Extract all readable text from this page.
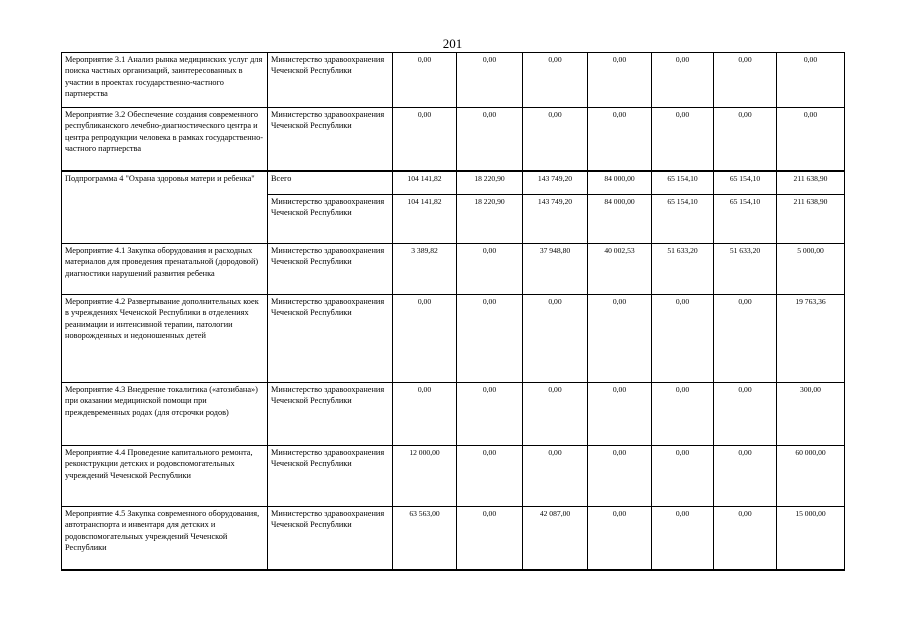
201
Мероприятие 3.1 Анализ рынка медицинских услуг для поиска частных организаций, заинтересованных в участии в проектах государственно-частного партнерства	Министерство здравоохранения Чеченской Республики	0,00	0,00	0,00	0,00	0,00	0,00	0,00
Мероприятие 3.2 Обеспечение создания современного республиканского лечебно-диагностического центра и центра репродукции человека в рамках государственно-частного партнерства	Министерство здравоохранения Чеченской Республики	0,00	0,00	0,00	0,00	0,00	0,00	0,00
Подпрограмма 4 "Охрана здоровья матери и ребенка"	Всего	104 141,82	18 220,90	143 749,20	84 000,00	65 154,10	65 154,10	211 638,90
	Министерство здравоохранения Чеченской Республики	104 141,82	18 220,90	143 749,20	84 000,00	65 154,10	65 154,10	211 638,90
Мероприятие 4.1 Закупка оборудования и расходных материалов для проведения пренатальной (дородовой) диагностики нарушений развития ребенка	Министерство здравоохранения Чеченской Республики	3 389,82	0,00	37 948,80	40 002,53	51 633,20	51 633,20	5 000,00
Мероприятие 4.2 Развертывание дополнительных коек в учреждениях Чеченской Республики в отделениях реанимации и интенсивной терапии, патологии новорожденных и недоношенных детей	Министерство здравоохранения Чеченской Республики	0,00	0,00	0,00	0,00	0,00	0,00	19 763,36
Мероприятие 4.3 Внедрение токалитика («атозибана») при оказании медицинской помощи при преждевременных родах (для отсрочки родов)	Министерство здравоохранения Чеченской Республики	0,00	0,00	0,00	0,00	0,00	0,00	300,00
Мероприятие 4.4 Проведение капитального ремонта, реконструкции детских и родовспомогательных учреждений Чеченской Республики	Министерство здравоохранения Чеченской Республики	12 000,00	0,00	0,00	0,00	0,00	0,00	60 000,00
Мероприятие 4.5 Закупка современного оборудования, автотранспорта и инвентаря для детских и родовспомогательных учреждений Чеченской Республики	Министерство здравоохранения Чеченской Республики	63 563,00	0,00	42 087,00	0,00	0,00	0,00	15 000,00
